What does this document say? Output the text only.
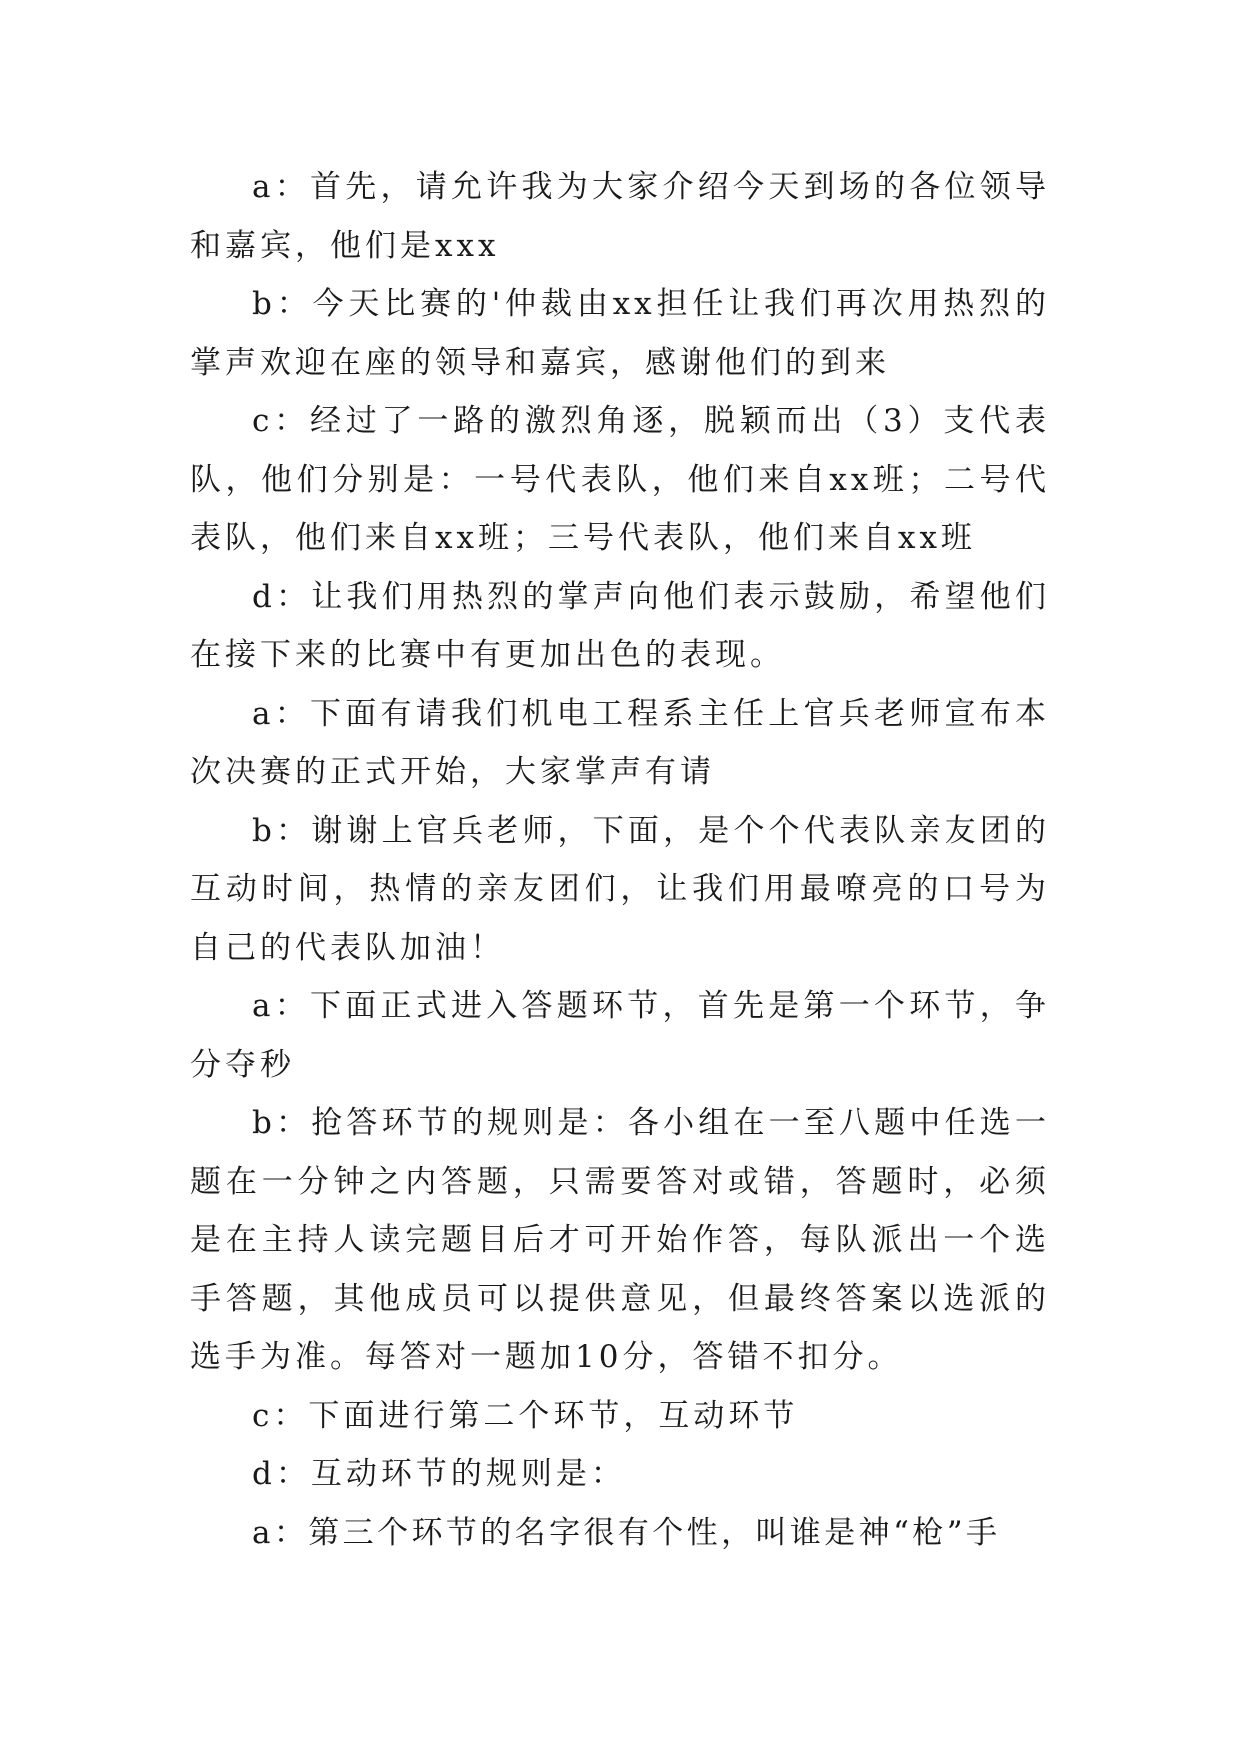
a：首先，请允许我为大家介绍今天到场的各位领导和嘉宾，他们是xxx

b：今天比赛的'仲裁由xx担任让我们再次用热烈的掌声欢迎在座的领导和嘉宾，感谢他们的到来

c：经过了一路的激烈角逐，脱颖而出（3）支代表队，他们分别是：一号代表队，他们来自xx班；二号代表队，他们来自xx班；三号代表队，他们来自xx班

d：让我们用热烈的掌声向他们表示鼓励，希望他们在接下来的比赛中有更加出色的表现。

a：下面有请我们机电工程系主任上官兵老师宣布本次决赛的正式开始，大家掌声有请

b：谢谢上官兵老师，下面，是个个代表队亲友团的互动时间，热情的亲友团们，让我们用最嘹亮的口号为自己的代表队加油！

a：下面正式进入答题环节，首先是第一个环节，争分夺秒

b：抢答环节的规则是：各小组在一至八题中任选一题在一分钟之内答题，只需要答对或错，答题时，必须是在主持人读完题目后才可开始作答，每队派出一个选手答题，其他成员可以提供意见，但最终答案以选派的选手为准。每答对一题加10分，答错不扣分。

c：下面进行第二个环节，互动环节

d：互动环节的规则是：

a：第三个环节的名字很有个性，叫谁是神“枪”手
